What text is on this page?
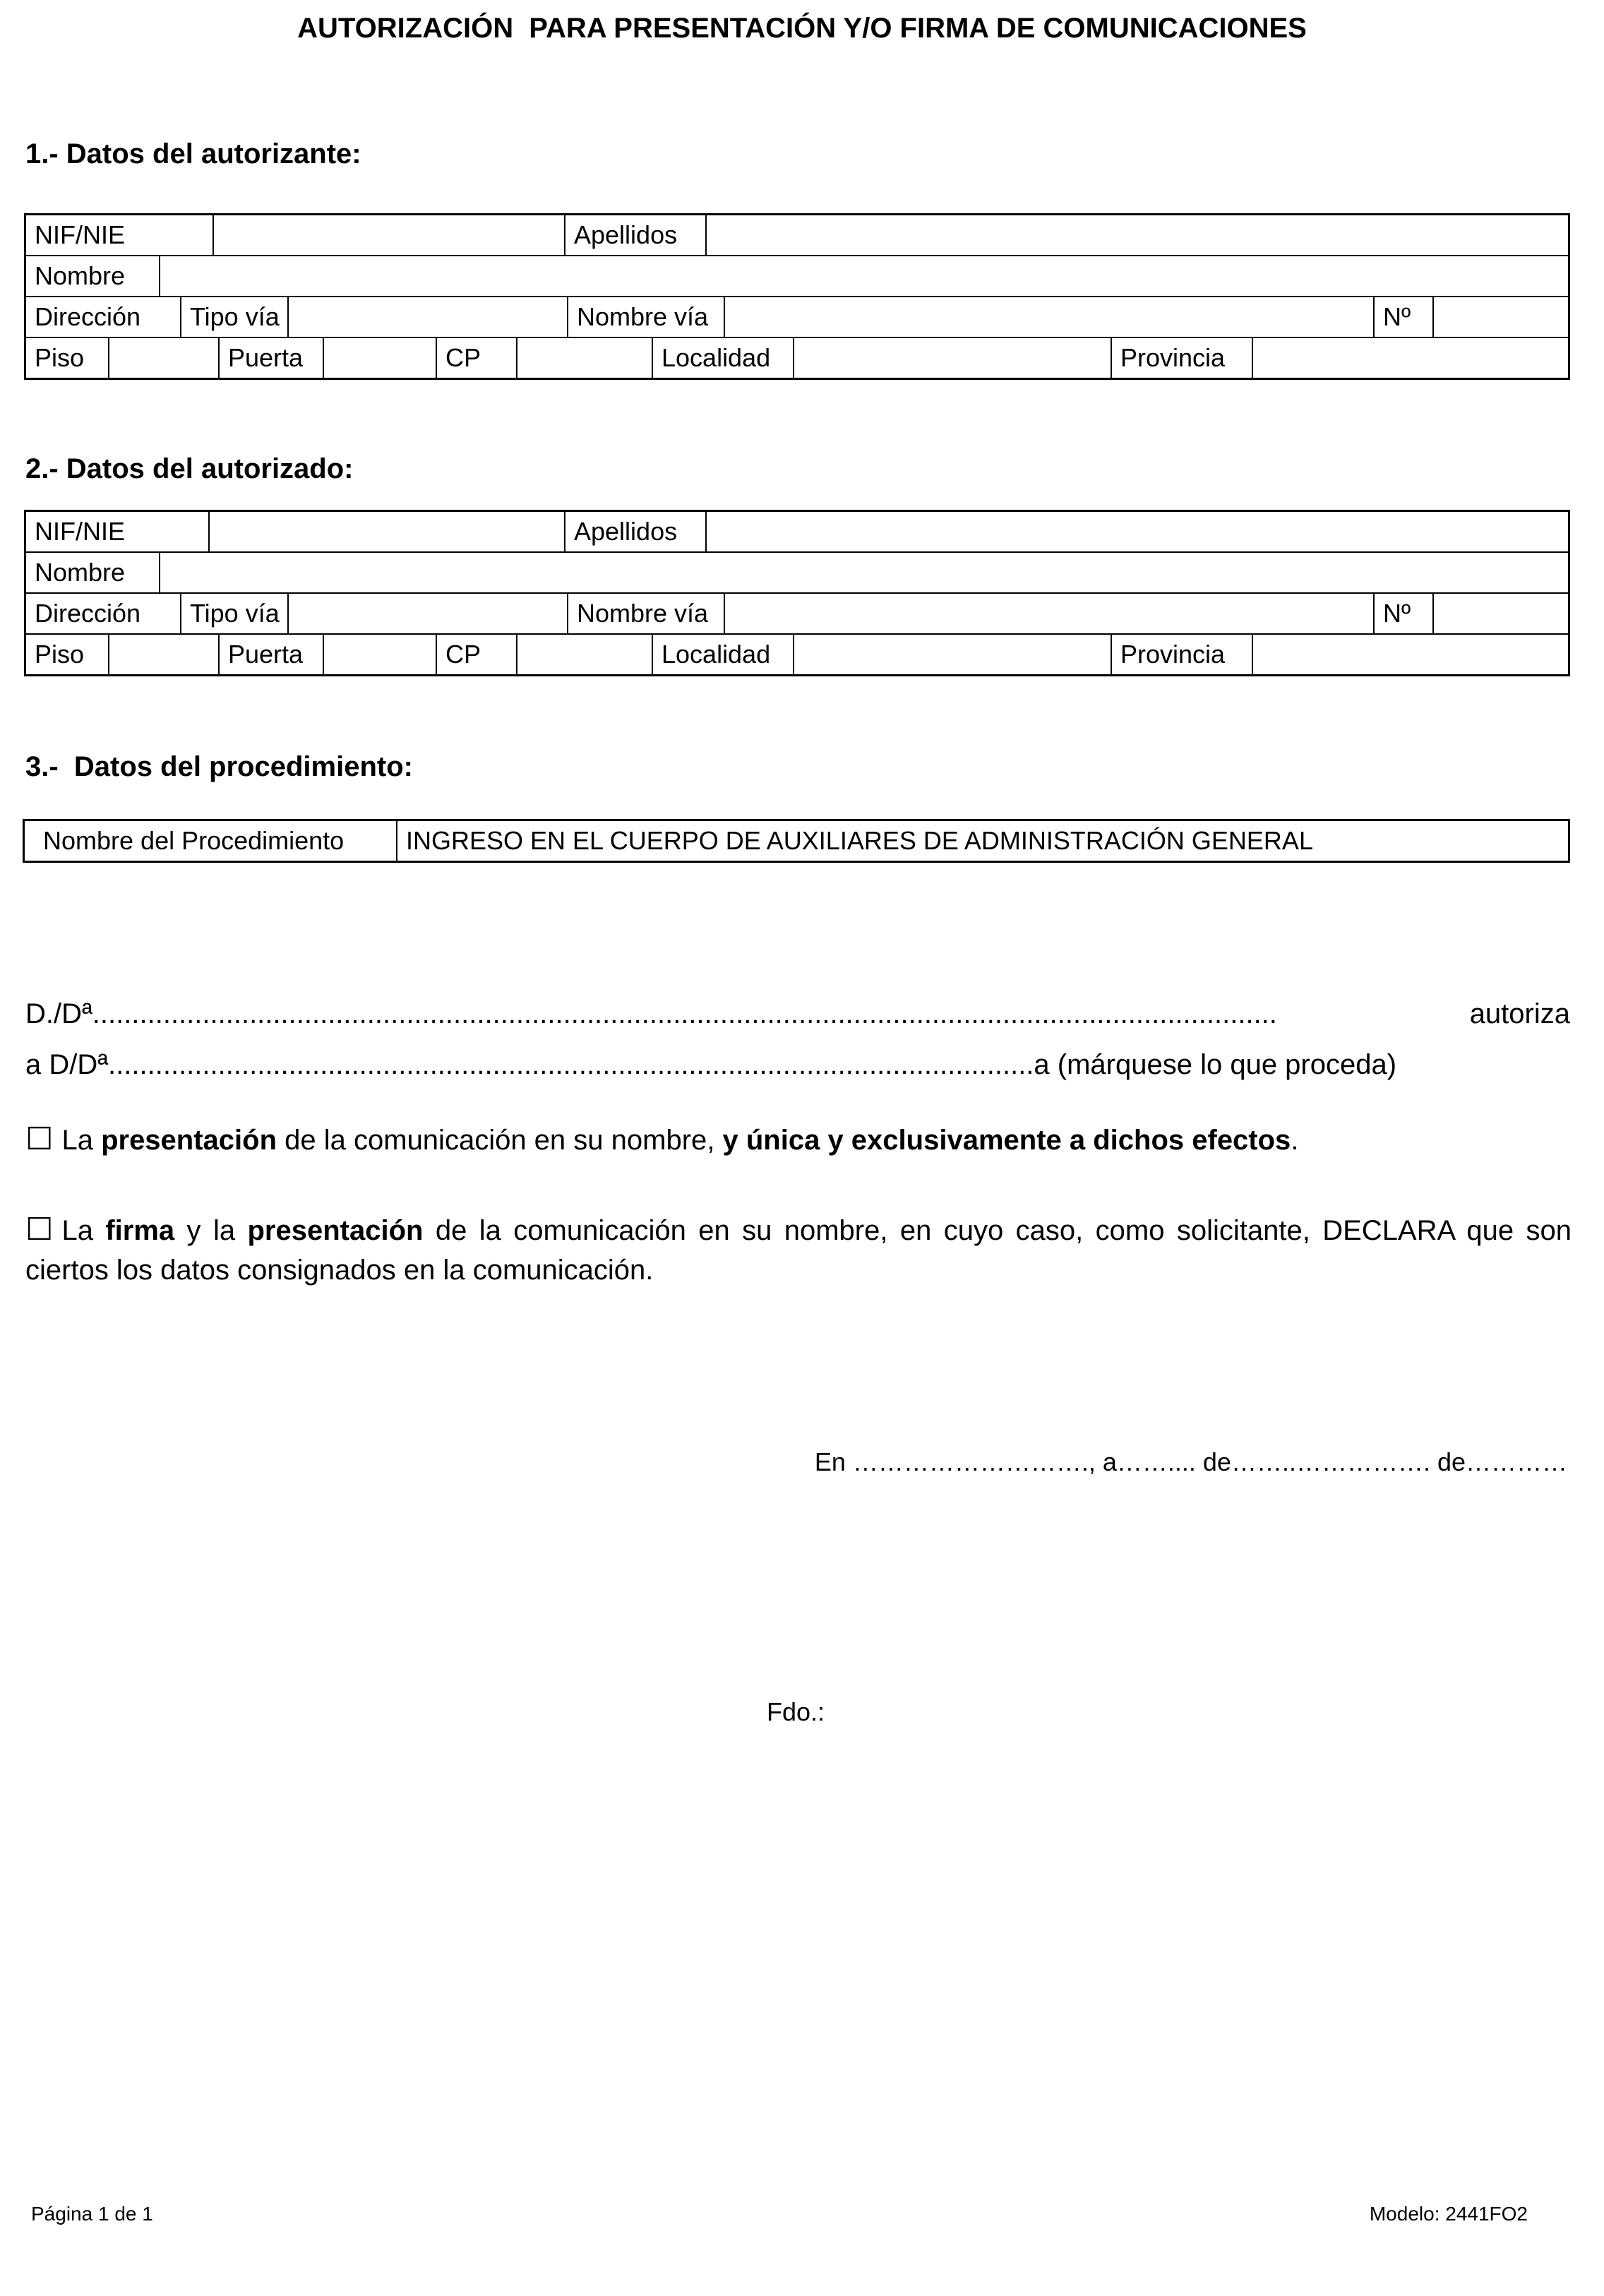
AUTORIZACIÓN  PARA PRESENTACIÓN Y/O FIRMA DE COMUNICACIONES
1.- Datos del autorizante:
NIF/NIE		Apellidos	

Nombre	

Dirección	Tipo vía		Nombre vía		Nº	

Piso		Puerta		CP		Localidad		Provincia	
2.- Datos del autorizado:
NIF/NIE		Apellidos	

Nombre	

Dirección	Tipo vía		Nombre vía		Nº	

Piso		Puerta		CP		Localidad		Provincia	
3.-  Datos del procedimiento:
Nombre del Procedimiento	INGRESO EN EL CUERPO DE AUXILIARES DE ADMINISTRACIÓN GENERAL
D./Dª.......................................................................................................................................................	autoriza
a D/Dª......................................................................................................................a (márquese lo que proceda)
☐ La presentación de la comunicación en su nombre, y única y exclusivamente a dichos efectos.
☐ La firma y la presentación de la comunicación en su nombre, en cuyo caso, como solicitante, DECLARA que son ciertos los datos consignados en la comunicación.
En ………………………., a…….... de……..……………. de…………
Fdo.:
Página 1 de 1	Modelo: 2441FO2
